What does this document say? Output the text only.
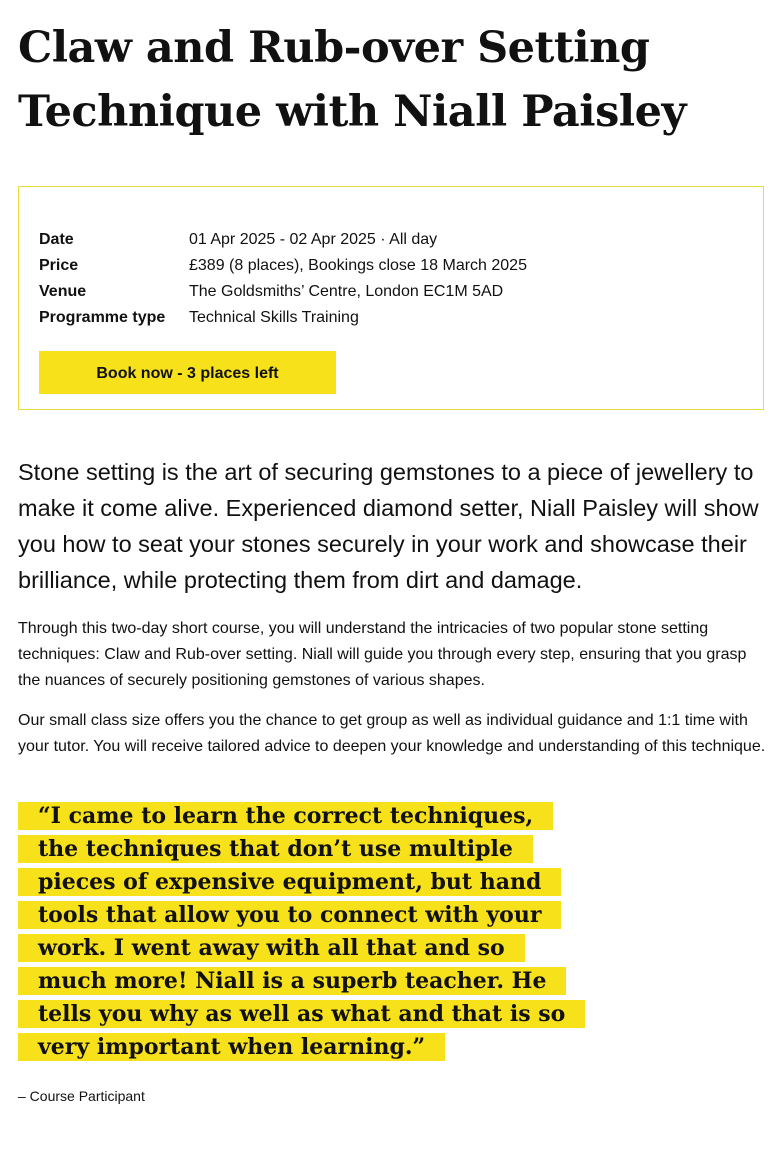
Claw and Rub-over Setting Technique with Niall Paisley
Date	01 Apr 2025 - 02 Apr 2025 · All day
Price	£389 (8 places), Bookings close 18 March 2025
Venue	The Goldsmiths’ Centre, London EC1M 5AD
Programme type	Technical Skills Training
Book now - 3 places left

Stone setting is the art of securing gemstones to a piece of jewellery to make it come alive. Experienced diamond setter, Niall Paisley will show you how to seat your stones securely in your work and showcase their brilliance, while protecting them from dirt and damage.

Through this two-day short course, you will understand the intricacies of two popular stone setting techniques: Claw and Rub-over setting. Niall will guide you through every step, ensuring that you grasp the nuances of securely positioning gemstones of various shapes.

Our small class size offers you the chance to get group as well as individual guidance and 1:1 time with your tutor. You will receive tailored advice to deepen your knowledge and understanding of this technique.

“I came to learn the correct techniques, the techniques that don’t use multiple pieces of expensive equipment, but hand tools that allow you to connect with your work. I went away with all that and so much more! Niall is a superb teacher. He tells you why as well as what and that is so very important when learning.”
– Course Participant
